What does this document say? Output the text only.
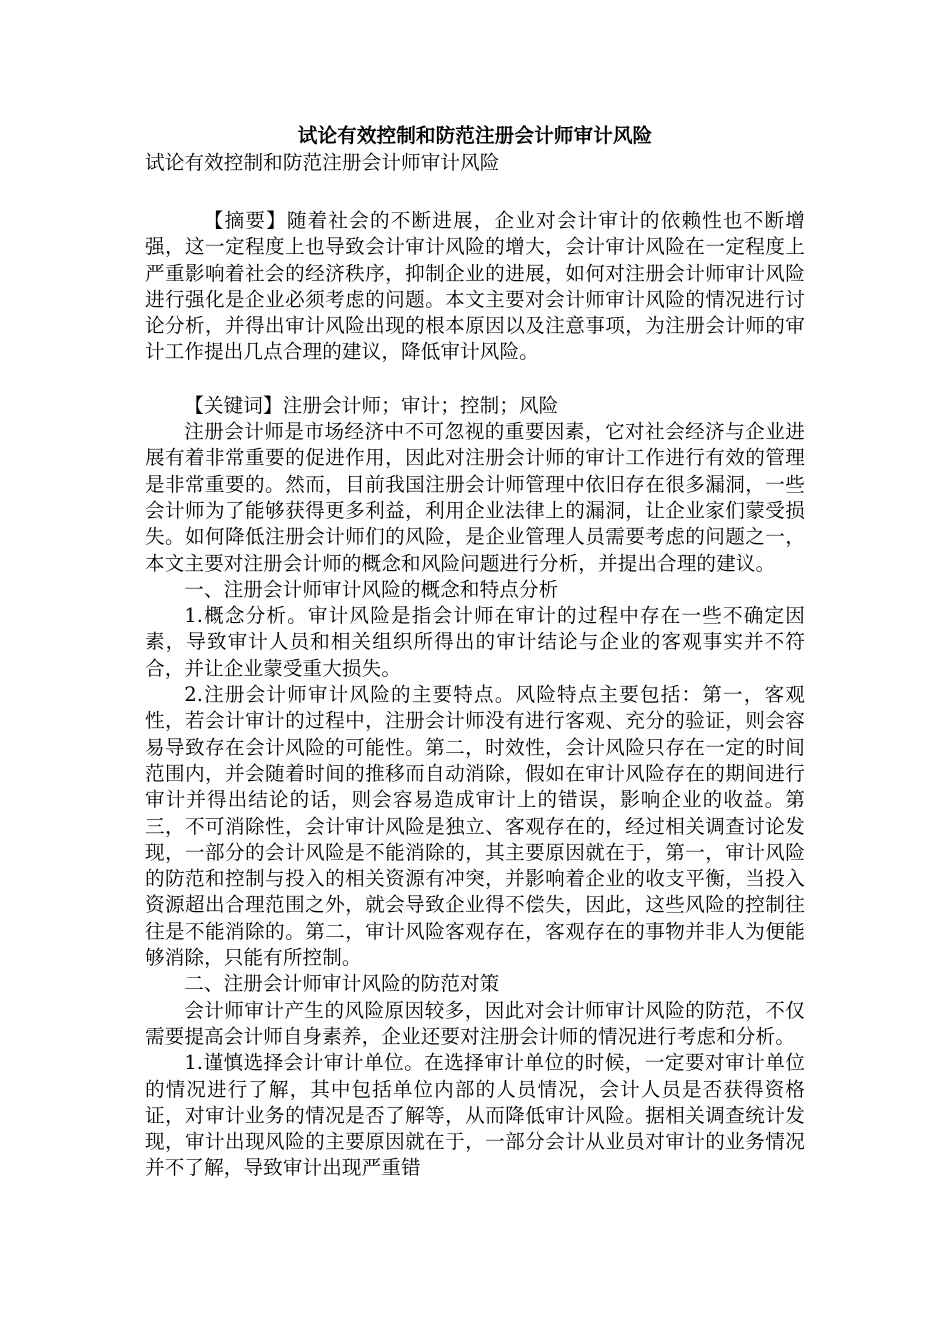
试论有效控制和防范注册会计师审计风险

试论有效控制和防范注册会计师审计风险

【摘要】随着社会的不断进展，企业对会计审计的依赖性也不断增强，这一定程度上也导致会计审计风险的增大，会计审计风险在一定程度上严重影响着社会的经济秩序，抑制企业的进展，如何对注册会计师审计风险进行强化是企业必须考虑的问题。本文主要对会计师审计风险的情况进行讨论分析，并得出审计风险出现的根本原因以及注意事项，为注册会计师的审计工作提出几点合理的建议，降低审计风险。

【关键词】注册会计师；审计；控制；风险

注册会计师是市场经济中不可忽视的重要因素，它对社会经济与企业进展有着非常重要的促进作用，因此对注册会计师的审计工作进行有效的管理是非常重要的。然而，目前我国注册会计师管理中依旧存在很多漏洞，一些会计师为了能够获得更多利益，利用企业法律上的漏洞，让企业家们蒙受损失。如何降低注册会计师们的风险，是企业管理人员需要考虑的问题之一，本文主要对注册会计师的概念和风险问题进行分析，并提出合理的建议。

一、注册会计师审计风险的概念和特点分析

1.概念分析。审计风险是指会计师在审计的过程中存在一些不确定因素，导致审计人员和相关组织所得出的审计结论与企业的客观事实并不符合，并让企业蒙受重大损失。

2.注册会计师审计风险的主要特点。风险特点主要包括：第一，客观性，若会计审计的过程中，注册会计师没有进行客观、充分的验证，则会容易导致存在会计风险的可能性。第二，时效性，会计风险只存在一定的时间范围内，并会随着时间的推移而自动消除，假如在审计风险存在的期间进行审计并得出结论的话，则会容易造成审计上的错误，影响企业的收益。第三，不可消除性，会计审计风险是独立、客观存在的，经过相关调查讨论发现，一部分的会计风险是不能消除的，其主要原因就在于，第一，审计风险的防范和控制与投入的相关资源有冲突，并影响着企业的收支平衡，当投入资源超出合理范围之外，就会导致企业得不偿失，因此，这些风险的控制往往是不能消除的。第二，审计风险客观存在，客观存在的事物并非人为便能够消除，只能有所控制。

二、注册会计师审计风险的防范对策

会计师审计产生的风险原因较多，因此对会计师审计风险的防范，不仅需要提高会计师自身素养，企业还要对注册会计师的情况进行考虑和分析。

1.谨慎选择会计审计单位。在选择审计单位的时候，一定要对审计单位的情况进行了解，其中包括单位内部的人员情况，会计人员是否获得资格证，对审计业务的情况是否了解等，从而降低审计风险。据相关调查统计发现，审计出现风险的主要原因就在于，一部分会计从业员对审计的业务情况并不了解，导致审计出现严重错
